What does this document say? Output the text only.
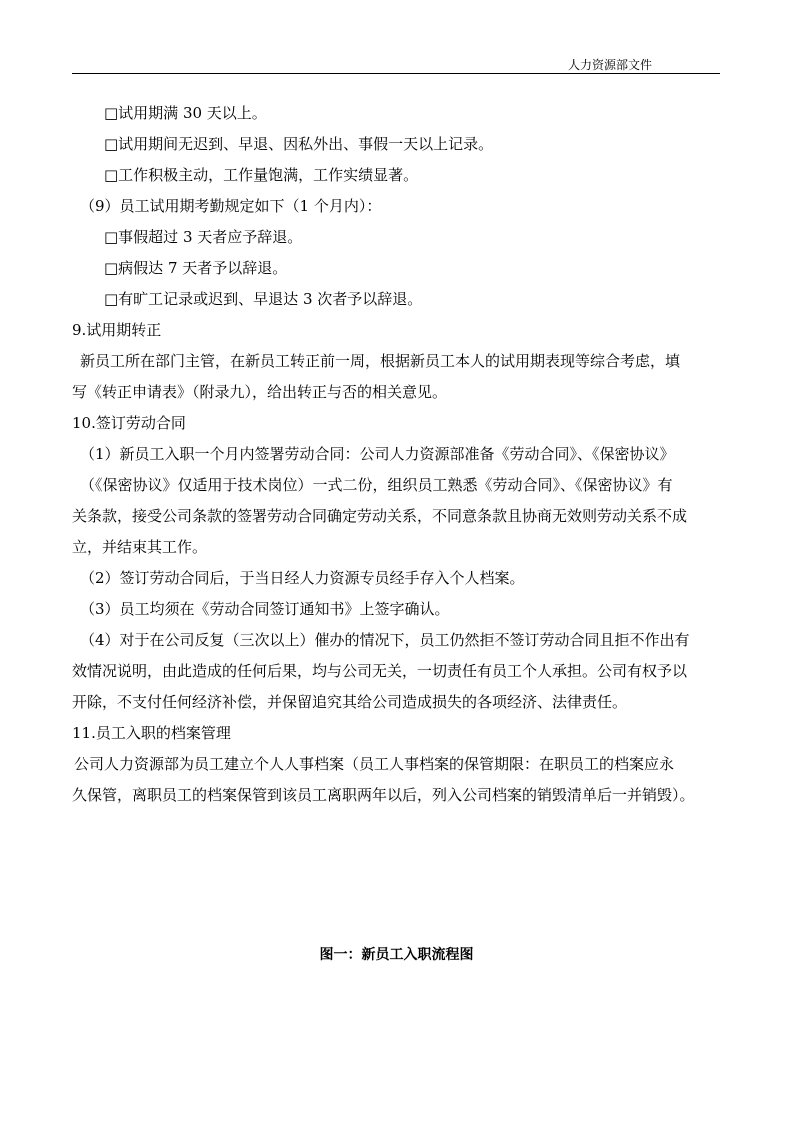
人力资源部文件
□试用期满 30 天以上。
□试用期间无迟到、早退、因私外出、事假一天以上记录。
□工作积极主动，工作量饱满，工作实绩显著。
（9）员工试用期考勤规定如下（1 个月内）：
□事假超过 3 天者应予辞退。
□病假达 7 天者予以辞退。
□有旷工记录或迟到、早退达 3 次者予以辞退。
9.试用期转正
新员工所在部门主管，在新员工转正前一周，根据新员工本人的试用期表现等综合考虑，填
写《转正申请表》（附录九），给出转正与否的相关意见。
10.签订劳动合同
（1）新员工入职一个月内签署劳动合同：公司人力资源部准备《劳动合同》、《保密协议》
（《保密协议》仅适用于技术岗位）一式二份，组织员工熟悉《劳动合同》、《保密协议》有
关条款，接受公司条款的签署劳动合同确定劳动关系，不同意条款且协商无效则劳动关系不成
立，并结束其工作。
（2）签订劳动合同后，于当日经人力资源专员经手存入个人档案。
（3）员工均须在《劳动合同签订通知书》上签字确认。
（4）对于在公司反复（三次以上）催办的情况下，员工仍然拒不签订劳动合同且拒不作出有
效情况说明，由此造成的任何后果，均与公司无关，一切责任有员工个人承担。公司有权予以
开除，不支付任何经济补偿，并保留追究其给公司造成损失的各项经济、法律责任。
11.员工入职的档案管理
公司人力资源部为员工建立个人人事档案（员工人事档案的保管期限：在职员工的档案应永
久保管，离职员工的档案保管到该员工离职两年以后，列入公司档案的销毁清单后一并销毁）。
图一：新员工入职流程图
